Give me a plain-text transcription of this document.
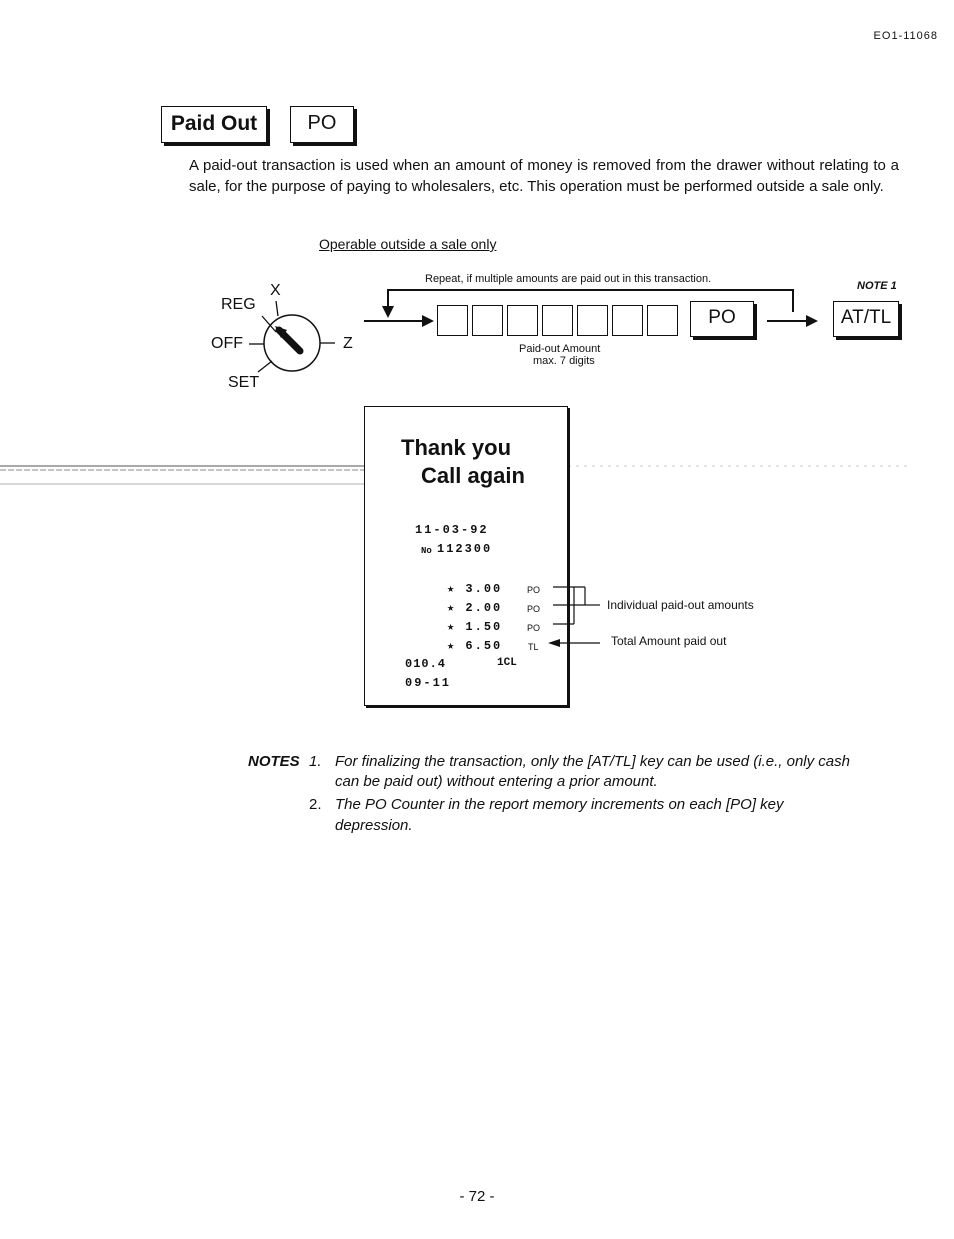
EO1-11068
Paid Out	PO
A paid-out transaction is used when an amount of money is removed from the drawer without relating to a sale, for the purpose of paying to wholesalers, etc. This operation must be performed outside a sale only.
Operable outside a sale only
X
REG
OFF
SET
Z
Repeat, if multiple amounts are paid out in this transaction.
NOTE 1
Paid-out Amount
max. 7 digits
PO	AT/TL
Thank you
Call again
11-03-92
No 112300
★ 3.00	PO
★ 2.00	PO
★ 1.50	PO
★ 6.50	TL
010.4	1CL
09-11
Individual paid-out amounts
Total Amount paid out
NOTES 1. For finalizing the transaction, only the [AT/TL] key can be used (i.e., only cash
can be paid out) without entering a prior amount.
2. The PO Counter in the report memory increments on each [PO] key
depression.
- 72 -
